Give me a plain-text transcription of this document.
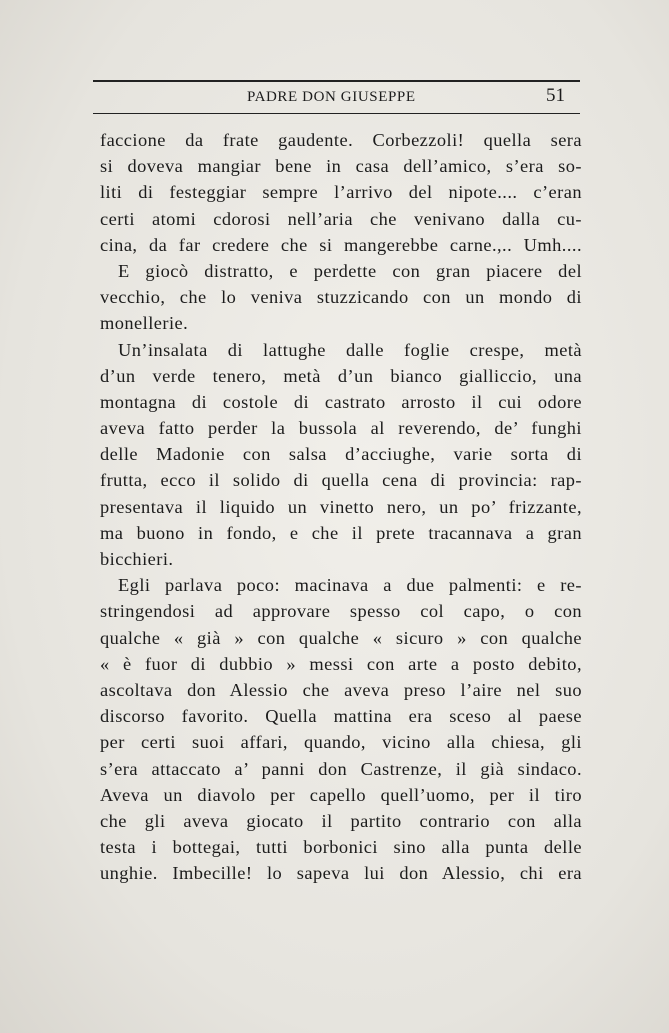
PADRE DON GIUSEPPE	51
faccione da frate gaudente. Corbezzoli! quella sera
si doveva mangiar bene in casa dell’amico, s’era so-
liti di festeggiar sempre l’arrivo del nipote.... c’eran
certi atomi cdorosi nell’aria che venivano dalla cu-
cina, da far credere che si mangerebbe carne.,.. Umh....
E giocò distratto, e perdette con gran piacere del
vecchio, che lo veniva stuzzicando con un mondo di
monellerie.
Un’insalata di lattughe dalle foglie crespe, metà
d’un verde tenero, metà d’un bianco gialliccio, una
montagna di costole di castrato arrosto il cui odore
aveva fatto perder la bussola al reverendo, de’ funghi
delle Madonie con salsa d’acciughe, varie sorta di
frutta, ecco il solido di quella cena di provincia: rap-
presentava il liquido un vinetto nero, un po’ frizzante,
ma buono in fondo, e che il prete tracannava a gran
bicchieri.
Egli parlava poco: macinava a due palmenti: e re-
stringendosi ad approvare spesso col capo, o con
qualche « già » con qualche « sicuro » con qualche
« è fuor di dubbio » messi con arte a posto debito,
ascoltava don Alessio che aveva preso l’aire nel suo
discorso favorito. Quella mattina era sceso al paese
per certi suoi affari, quando, vicino alla chiesa, gli
s’era attaccato a’ panni don Castrenze, il già sindaco.
Aveva un diavolo per capello quell’uomo, per il tiro
che gli aveva giocato il partito contrario con alla
testa i bottegai, tutti borbonici sino alla punta delle
unghie. Imbecille! lo sapeva lui don Alessio, chi era
